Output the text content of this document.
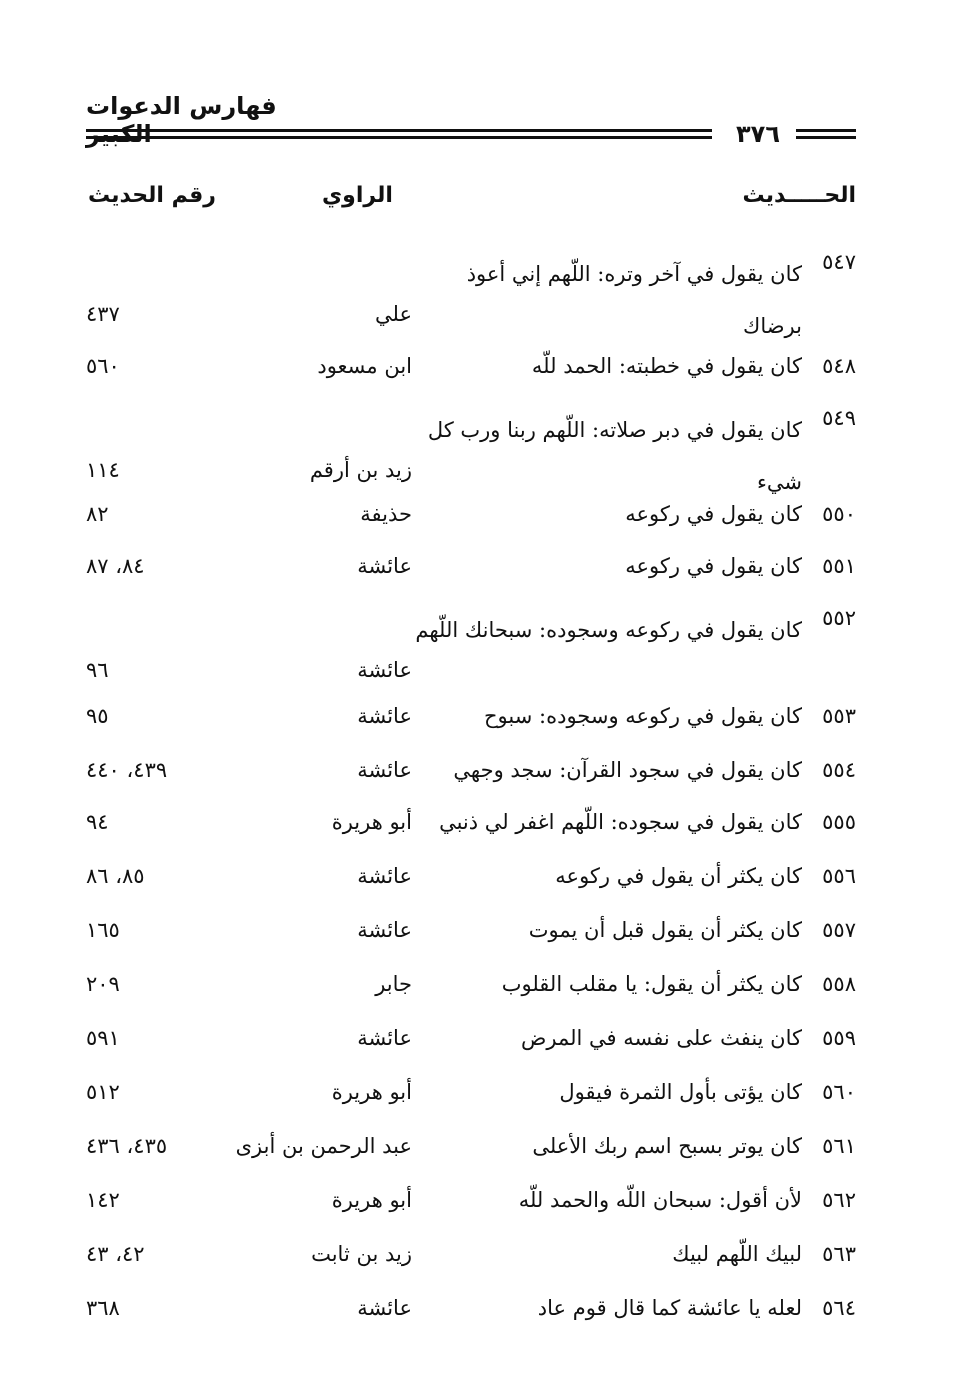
فهارس الدعوات الكبير	٣٧٦
الحـــــديث
الراوي
رقم الحديث
٥٤٧
كان يقول في آخر وتره: اللّهم إني أعوذ برضاك
علي
٤٣٧
٥٤٨
كان يقول في خطبته: الحمد للّه
ابن مسعود
٥٦٠
٥٤٩
كان يقول في دبر صلاته: اللّهم ربنا ورب كل شيء
زيد بن أرقم
١١٤
٥٥٠
كان يقول في ركوعه
حذيفة
٨٢
٥٥١
كان يقول في ركوعه
عائشة
٨٤، ٨٧
٥٥٢
كان يقول في ركوعه وسجوده: سبحانك اللّهم
عائشة
٩٦
٥٥٣
كان يقول في ركوعه وسجوده: سبوح
عائشة
٩٥
٥٥٤
كان يقول في سجود القرآن: سجد وجهي
عائشة
٤٣٩، ٤٤٠
٥٥٥
كان يقول في سجوده: اللّهم اغفر لي ذنبي
أبو هريرة
٩٤
٥٥٦
كان يكثر أن يقول في ركوعه
عائشة
٨٥، ٨٦
٥٥٧
كان يكثر أن يقول قبل أن يموت
عائشة
١٦٥
٥٥٨
كان يكثر أن يقول: يا مقلب القلوب
جابر
٢٠٩
٥٥٩
كان ينفث على نفسه في المرض
عائشة
٥٩١
٥٦٠
كان يؤتى بأول الثمرة فيقول
أبو هريرة
٥١٢
٥٦١
كان يوتر بسبح اسم ربك الأعلى
عبد الرحمن بن أبزى
٤٣٥، ٤٣٦
٥٦٢
لأن أقول: سبحان اللّه والحمد للّه
أبو هريرة
١٤٢
٥٦٣
لبيك اللّهم لبيك
زيد بن ثابت
٤٢، ٤٣
٥٦٤
لعله يا عائشة كما قال قوم عاد
عائشة
٣٦٨
